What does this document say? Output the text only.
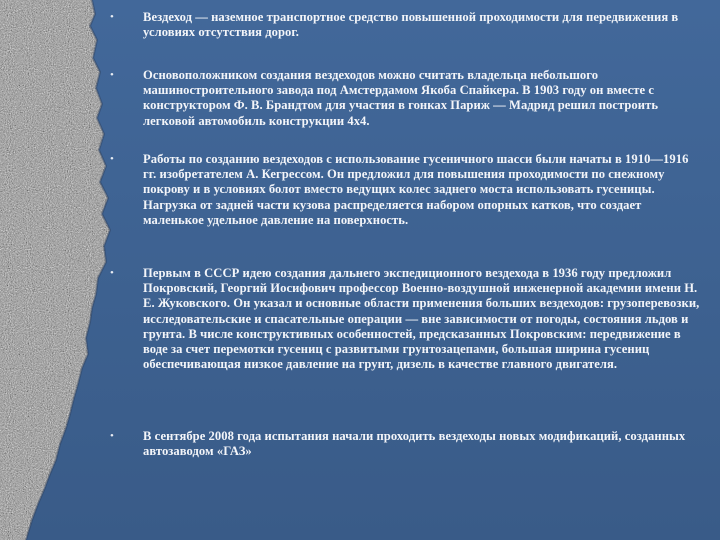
• Вездеход — наземное транспортное средство повышенной проходимости для передвижения в условиях отсутствия дорог.
• Основоположником создания вездеходов можно считать владельца небольшого машиностроительного завода под Амстердамом Якоба Спайкера. В 1903 году он вместе с конструктором Ф. В. Брандтом для участия в гонках Париж — Мадрид решил построить легковой автомобиль конструкции 4х4.
• Работы по созданию вездеходов с использование гусеничного шасси были начаты в 1910—1916 гг. изобретателем А. Кегрессом. Он предложил для повышения проходимости по снежному покрову и в условиях болот вместо ведущих колес заднего моста использовать гусеницы. Нагрузка от задней части кузова распределяется набором опорных катков, что создает маленькое удельное давление на поверхность.
• Первым в СССР идею создания дальнего экспедиционного вездехода в 1936 году предложил Покровский, Георгий Иосифович профессор Военно-воздушной инженерной академии имени Н. Е. Жуковского. Он указал и основные области применения больших вездеходов: грузоперевозки, исследовательские и спасательные операции — вне зависимости от погоды, состояния льдов и грунта. В числе конструктивных особенностей, предсказанных Покровским: передвижение в воде за счет перемотки гусениц с развитыми грунтозацепами, большая ширина гусениц обеспечивающая низкое давление на грунт, дизель в качестве главного двигателя.
• В сентябре 2008 года испытания начали проходить вездеходы новых модификаций, созданных автозаводом «ГАЗ»
